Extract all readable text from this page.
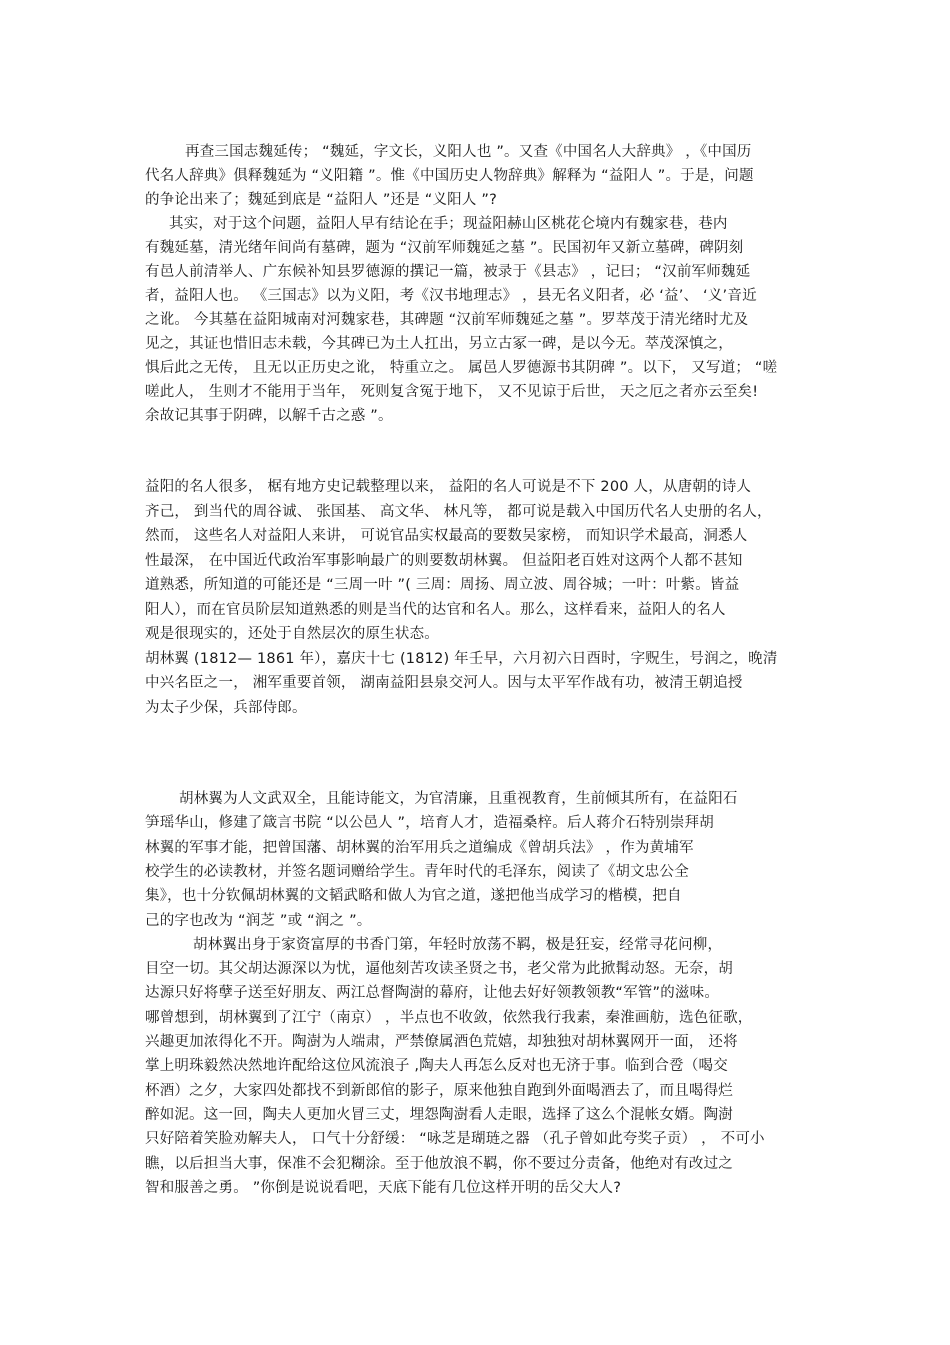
再查三国志魏延传； “魏延，字文长，义阳人也 ”。又查《中国名人大辞典》 ，《中国历
代名人辞典》俱释魏延为 “义阳籍 ”。惟《中国历史人物辞典》解释为 “益阳人 ”。于是，问题
的争论出来了；魏延到底是 “益阳人 ”还是 “义阳人 ”?
其实，对于这个问题，益阳人早有结论在手；现益阳赫山区桃花仑境内有魏家巷，巷内
有魏延墓，清光绪年间尚有墓碑，题为 “汉前军师魏延之墓 ”。民国初年又新立墓碑，碑阴刻
有邑人前清举人、广东候补知县罗德源的撰记一篇，被录于《县志》 ，记曰； “汉前军师魏延
者，益阳人也。 《三国志》以为义阳，考《汉书地理志》 ，县无名义阳者，必 ‘益’、 ‘义’音近
之讹。 今其墓在益阳城南对河魏家巷，其碑题 “汉前军师魏延之墓 ”。罗萃茂于清光绪时尤及
见之，其证也惜旧志未载，今其碑已为土人扛出，另立古冢一碑，是以今无。萃茂深慎之，
惧后此之无传， 且无以正历史之讹， 特重立之。 属邑人罗德源书其阴碑 ”。以下， 又写道； “嗟
嗟此人， 生则才不能用于当年， 死则复含冤于地下， 又不见谅于后世， 天之厄之者亦云至矣!
余故记其事于阴碑，以解千古之惑 ”。
益阳的名人很多， 椐有地方史记载整理以来， 益阳的名人可说是不下 200 人，从唐朝的诗人
齐己， 到当代的周谷诚、 张国基、 高文华、 林凡等， 都可说是载入中国历代名人史册的名人，
然而， 这些名人对益阳人来讲， 可说官品实权最高的要数吴家榜， 而知识学术最高，洞悉人
性最深， 在中国近代政治军事影响最广的则要数胡林翼。 但益阳老百姓对这两个人都不甚知
道熟悉，所知道的可能还是 “三周一叶 ”( 三周：周扬、周立波、周谷城；一叶：叶紫。皆益
阳人），而在官员阶层知道熟悉的则是当代的达官和名人。那么，这样看来，益阳人的名人
观是很现实的，还处于自然层次的原生状态。
胡林翼 (1812— 1861 年），嘉庆十七 (1812) 年壬早，六月初六日酉时，字贶生，号润之，晚清
中兴名臣之一， 湘军重要首领， 湖南益阳县泉交河人。因与太平军作战有功，被清王朝追授
为太子少保，兵部侍郎。
胡林翼为人文武双全，且能诗能文，为官清廉，且重视教育，生前倾其所有，在益阳石
笋瑶华山，修建了箴言书院 “以公邑人 ”，培育人才，造福桑梓。后人蒋介石特别崇拜胡
林翼的军事才能，把曾国藩、胡林翼的治军用兵之道编成《曾胡兵法》 ，作为黄埔军
校学生的必读教材，并签名题词赠给学生。青年时代的毛泽东，阅读了《胡文忠公全
集》，也十分钦佩胡林翼的文韬武略和做人为官之道，遂把他当成学习的楷模，把自
己的字也改为 “润芝 ”或 “润之 ”。
胡林翼出身于家资富厚的书香门第，年轻时放荡不羁，极是狂妄，经常寻花问柳，
目空一切。其父胡达源深以为忧，逼他刻苦攻读圣贤之书，老父常为此掀髯动怒。无奈，胡
达源只好将孽子送至好朋友、两江总督陶澍的幕府，让他去好好领教领教“军管”的滋味。
哪曾想到，胡林翼到了江宁（南京） ，半点也不收敛，依然我行我素，秦淮画舫，选色征歌，
兴趣更加浓得化不开。陶澍为人端肃，严禁僚属酒色荒嬉，却独独对胡林翼网开一面， 还将
掌上明珠毅然决然地许配给这位风流浪子 ,陶夫人再怎么反对也无济于事。临到合卺（喝交
杯酒）之夕，大家四处都找不到新郎倌的影子，原来他独自跑到外面喝酒去了，而且喝得烂
醉如泥。这一回，陶夫人更加火冒三丈，埋怨陶澍看人走眼，选择了这么个混帐女婿。陶澍
只好陪着笑脸劝解夫人， 口气十分舒缓： “咏芝是瑚琏之器 （孔子曾如此夸奖子贡） ， 不可小
瞧，以后担当大事，保准不会犯糊涂。至于他放浪不羁，你不要过分责备，他绝对有改过之
智和服善之勇。 ”你倒是说说看吧，天底下能有几位这样开明的岳父大人?
